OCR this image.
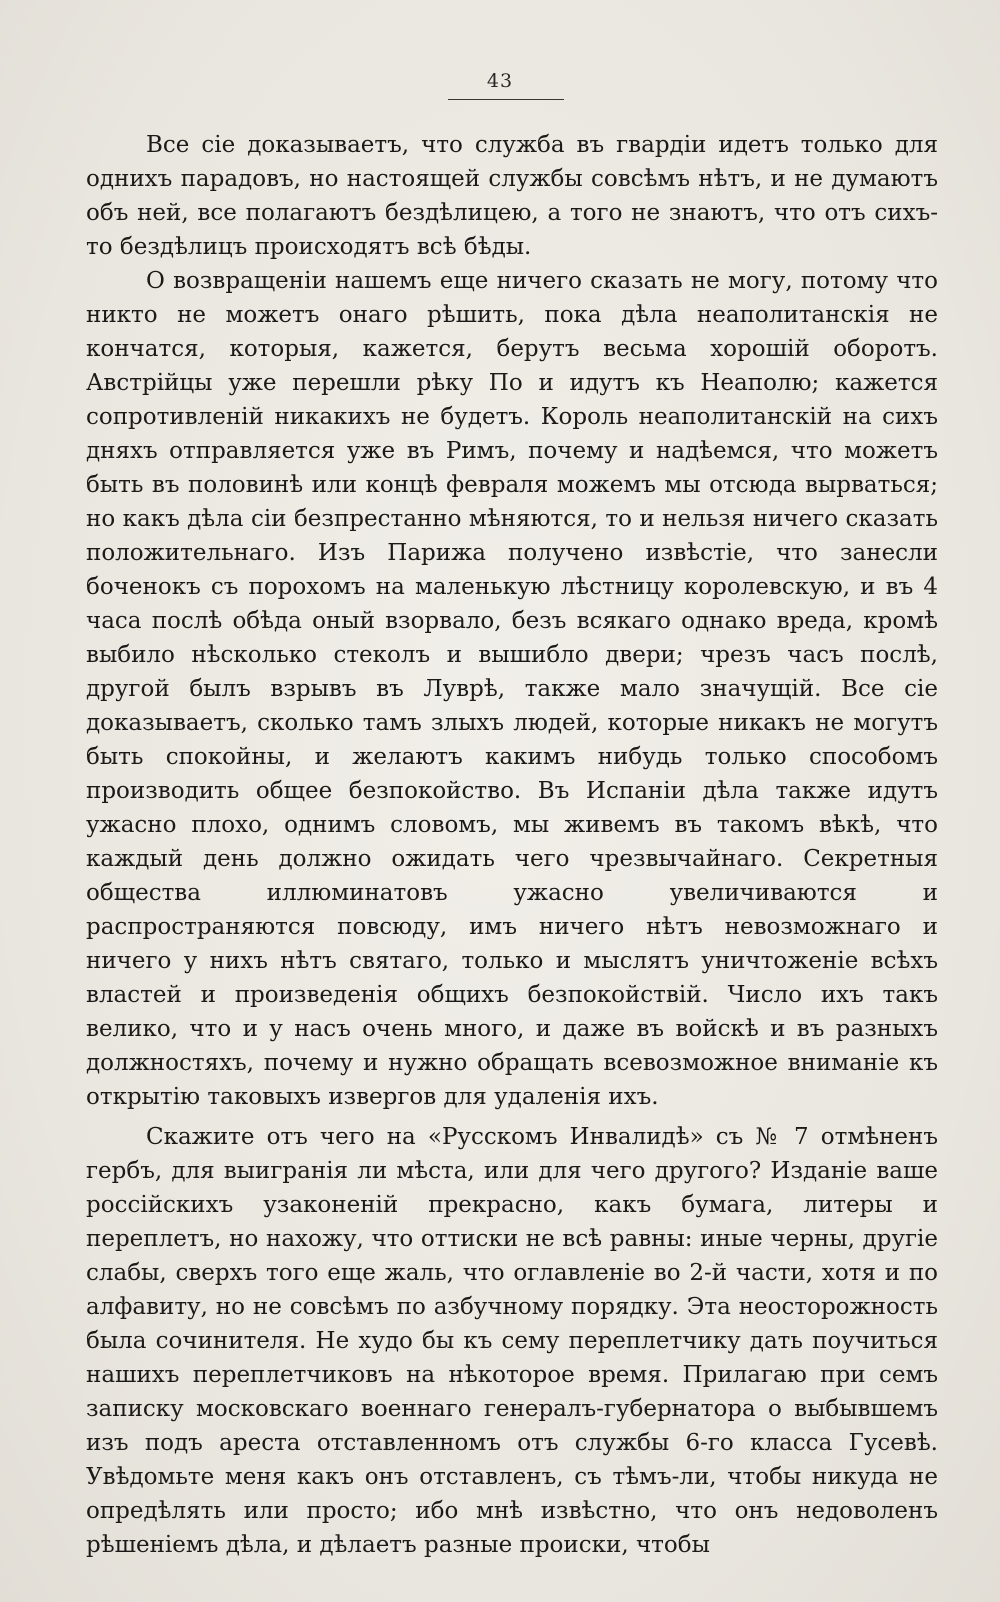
43

Все сіе доказываетъ, что служба въ гвардіи идетъ только для однихъ парадовъ, но настоящей службы совсѣмъ нѣтъ, и не думаютъ объ ней, все полагаютъ бездѣлицею, а того не знаютъ, что отъ сихъ-то бездѣлицъ происходятъ всѣ бѣды.

О возвращеніи нашемъ еще ничего сказать не могу, потому что никто не можетъ онаго рѣшить, пока дѣла неаполитанскія не кончатся, которыя, кажется, берутъ весьма хорошій оборотъ. Австрійцы уже перешли рѣку По и идутъ къ Неаполю; кажется сопротивленій никакихъ не будетъ. Король неаполитанскій на сихъ дняхъ отправляется уже въ Римъ, почему и надѣемся, что можетъ быть въ половинѣ или концѣ февраля можемъ мы отсюда вырваться; но какъ дѣла сіи безпрестанно мѣняются, то и нельзя ничего сказать положительнаго. Изъ Парижа получено извѣстіе, что занесли боченокъ съ порохомъ на маленькую лѣстницу королевскую, и въ 4 часа послѣ обѣда оный взорвало, безъ всякаго однако вреда, кромѣ выбило нѣсколько стеколъ и вышибло двери; чрезъ часъ послѣ, другой былъ взрывъ въ Луврѣ, также мало значущій. Все сіе доказываетъ, сколько тамъ злыхъ людей, которые никакъ не могутъ быть спокойны, и желаютъ какимъ нибудь только способомъ производить общее безпокойство. Въ Испаніи дѣла также идутъ ужасно плохо, однимъ словомъ, мы живемъ въ такомъ вѣкѣ, что каждый день должно ожидать чего чрезвычайнаго. Секретныя общества иллюминатовъ ужасно увеличиваются и распространяются повсюду, имъ ничего нѣтъ невозможнаго и ничего у нихъ нѣтъ святаго, только и мыслятъ уничтоженіе всѣхъ властей и произведенія общихъ безпокойствій. Число ихъ такъ велико, что и у насъ очень много, и даже въ войскѣ и въ разныхъ должностяхъ, почему и нужно обращать всевозможное вниманіе къ открытію таковыхъ извергов для удаленія ихъ.

Скажите отъ чего на «Русскомъ Инвалидѣ» съ № 7 отмѣненъ гербъ, для выигранія ли мѣста, или для чего другого? Изданіе ваше россійскихъ узаконеній прекрасно, какъ бумага, литеры и переплетъ, но нахожу, что оттиски не всѣ равны: иные черны, другіе слабы, сверхъ того еще жаль, что оглавленіе во 2-й части, хотя и по алфавиту, но не совсѣмъ по азбучному порядку. Эта неосторожность была сочинителя. Не худо бы къ сему переплетчику дать поучиться нашихъ переплетчиковъ на нѣкоторое время. Прилагаю при семъ записку московскаго военнаго генералъ-губернатора о выбывшемъ изъ подъ ареста отставленномъ отъ службы 6-го класса Гусевѣ. Увѣдомьте меня какъ онъ отставленъ, съ тѣмъ-ли, чтобы никуда не опредѣлять или просто; ибо мнѣ извѣстно, что онъ недоволенъ рѣшеніемъ дѣла, и дѣлаетъ разные происки, чтобы
